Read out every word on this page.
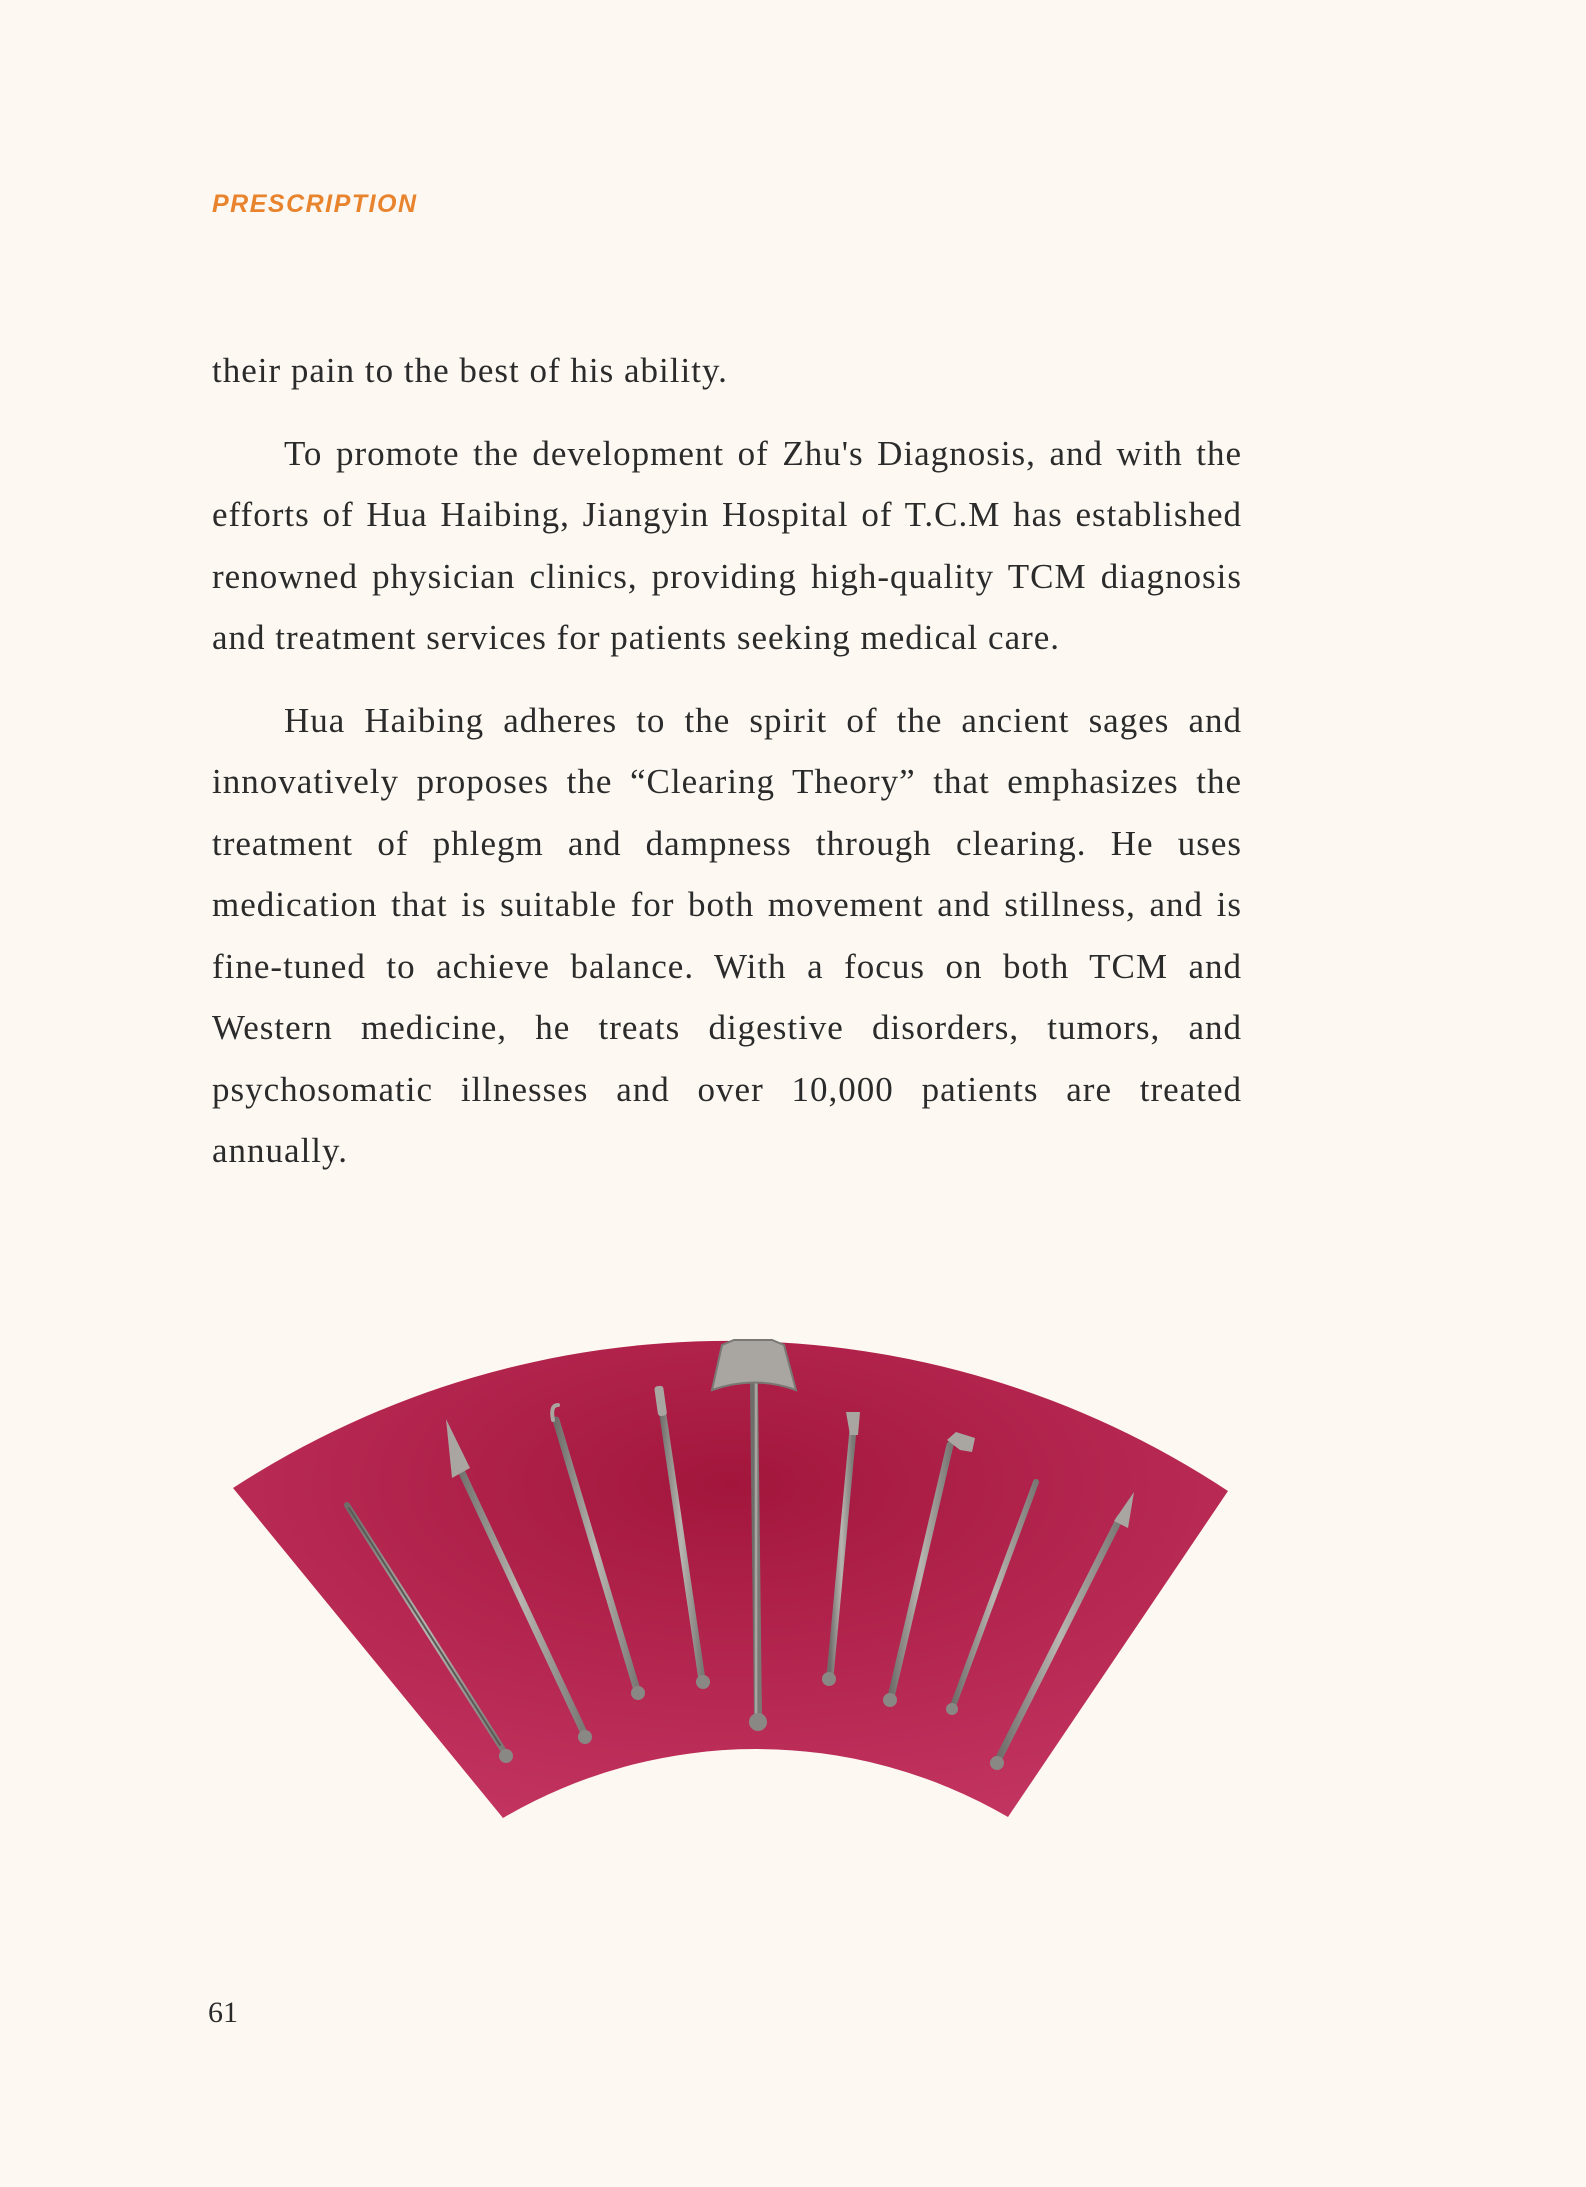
PRESCRIPTION

their pain to the best of his ability.

To promote the development of Zhu's Diagnosis, and with the efforts of Hua Haibing, Jiangyin Hospital of T.C.M has established renowned physician clinics, providing high-quality TCM diagnosis and treatment services for patients seeking medical care.

Hua Haibing adheres to the spirit of the ancient sages and innovatively proposes the “Clearing Theory” that emphasizes the treatment of phlegm and dampness through clearing. He uses medication that is suitable for both movement and stillness, and is fine-tuned to achieve balance. With a focus on both TCM and Western medicine, he treats digestive disorders, tumors, and psychosomatic illnesses and over 10,000 patients are treated annually.

61
